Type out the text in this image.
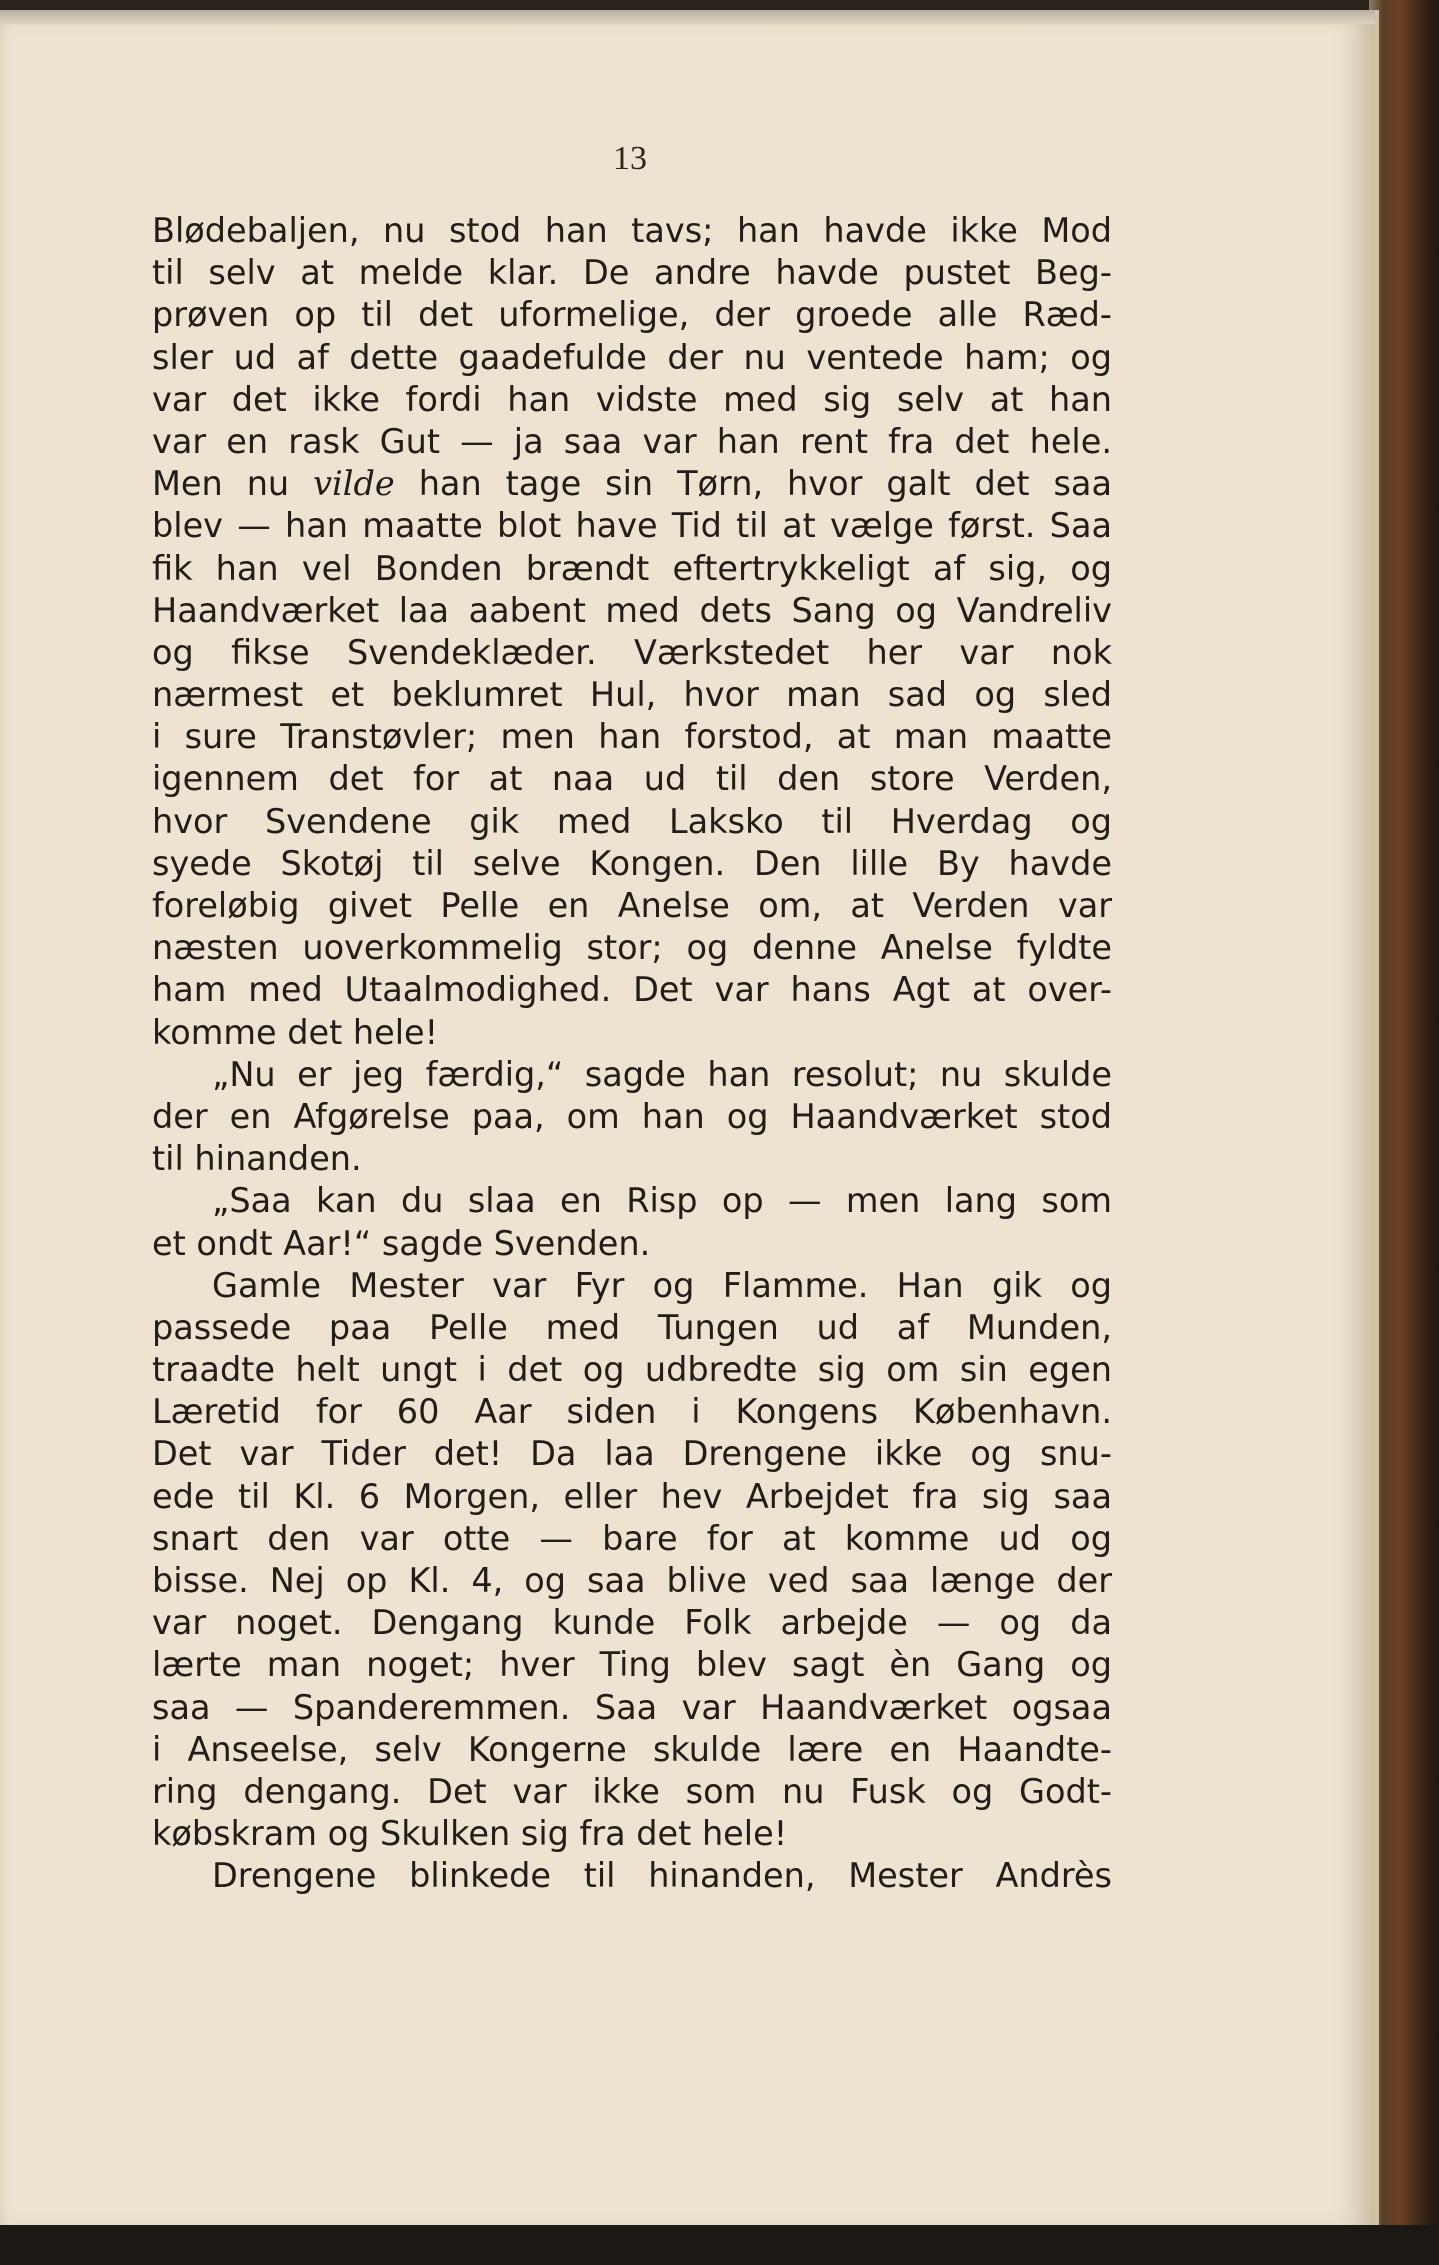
13
Blødebaljen, nu stod han tavs; han havde ikke Mod
til selv at melde klar. De andre havde pustet Beg-
prøven op til det uformelige, der groede alle Ræd-
sler ud af dette gaadefulde der nu ventede ham; og
var det ikke fordi han vidste med sig selv at han
var en rask Gut — ja saa var han rent fra det hele.
Men nu vilde han tage sin Tørn, hvor galt det saa
blev — han maatte blot have Tid til at vælge først. Saa
fik han vel Bonden brændt eftertrykkeligt af sig, og
Haandværket laa aabent med dets Sang og Vandreliv
og fikse Svendeklæder. Værkstedet her var nok
nærmest et beklumret Hul, hvor man sad og sled
i sure Transtøvler; men han forstod, at man maatte
igennem det for at naa ud til den store Verden,
hvor Svendene gik med Laksko til Hverdag og
syede Skotøj til selve Kongen. Den lille By havde
foreløbig givet Pelle en Anelse om, at Verden var
næsten uoverkommelig stor; og denne Anelse fyldte
ham med Utaalmodighed. Det var hans Agt at over-
komme det hele!
„Nu er jeg færdig,“ sagde han resolut; nu skulde
der en Afgørelse paa, om han og Haandværket stod
til hinanden.
„Saa kan du slaa en Risp op — men lang som
et ondt Aar!“ sagde Svenden.
Gamle Mester var Fyr og Flamme. Han gik og
passede paa Pelle med Tungen ud af Munden,
traadte helt ungt i det og udbredte sig om sin egen
Læretid for 60 Aar siden i Kongens København.
Det var Tider det! Da laa Drengene ikke og snu-
ede til Kl. 6 Morgen, eller hev Arbejdet fra sig saa
snart den var otte — bare for at komme ud og
bisse. Nej op Kl. 4, og saa blive ved saa længe der
var noget. Dengang kunde Folk arbejde — og da
lærte man noget; hver Ting blev sagt èn Gang og
saa — Spanderemmen. Saa var Haandværket ogsaa
i Anseelse, selv Kongerne skulde lære en Haandte-
ring dengang. Det var ikke som nu Fusk og Godt-
købskram og Skulken sig fra det hele!
Drengene blinkede til hinanden, Mester Andrès
